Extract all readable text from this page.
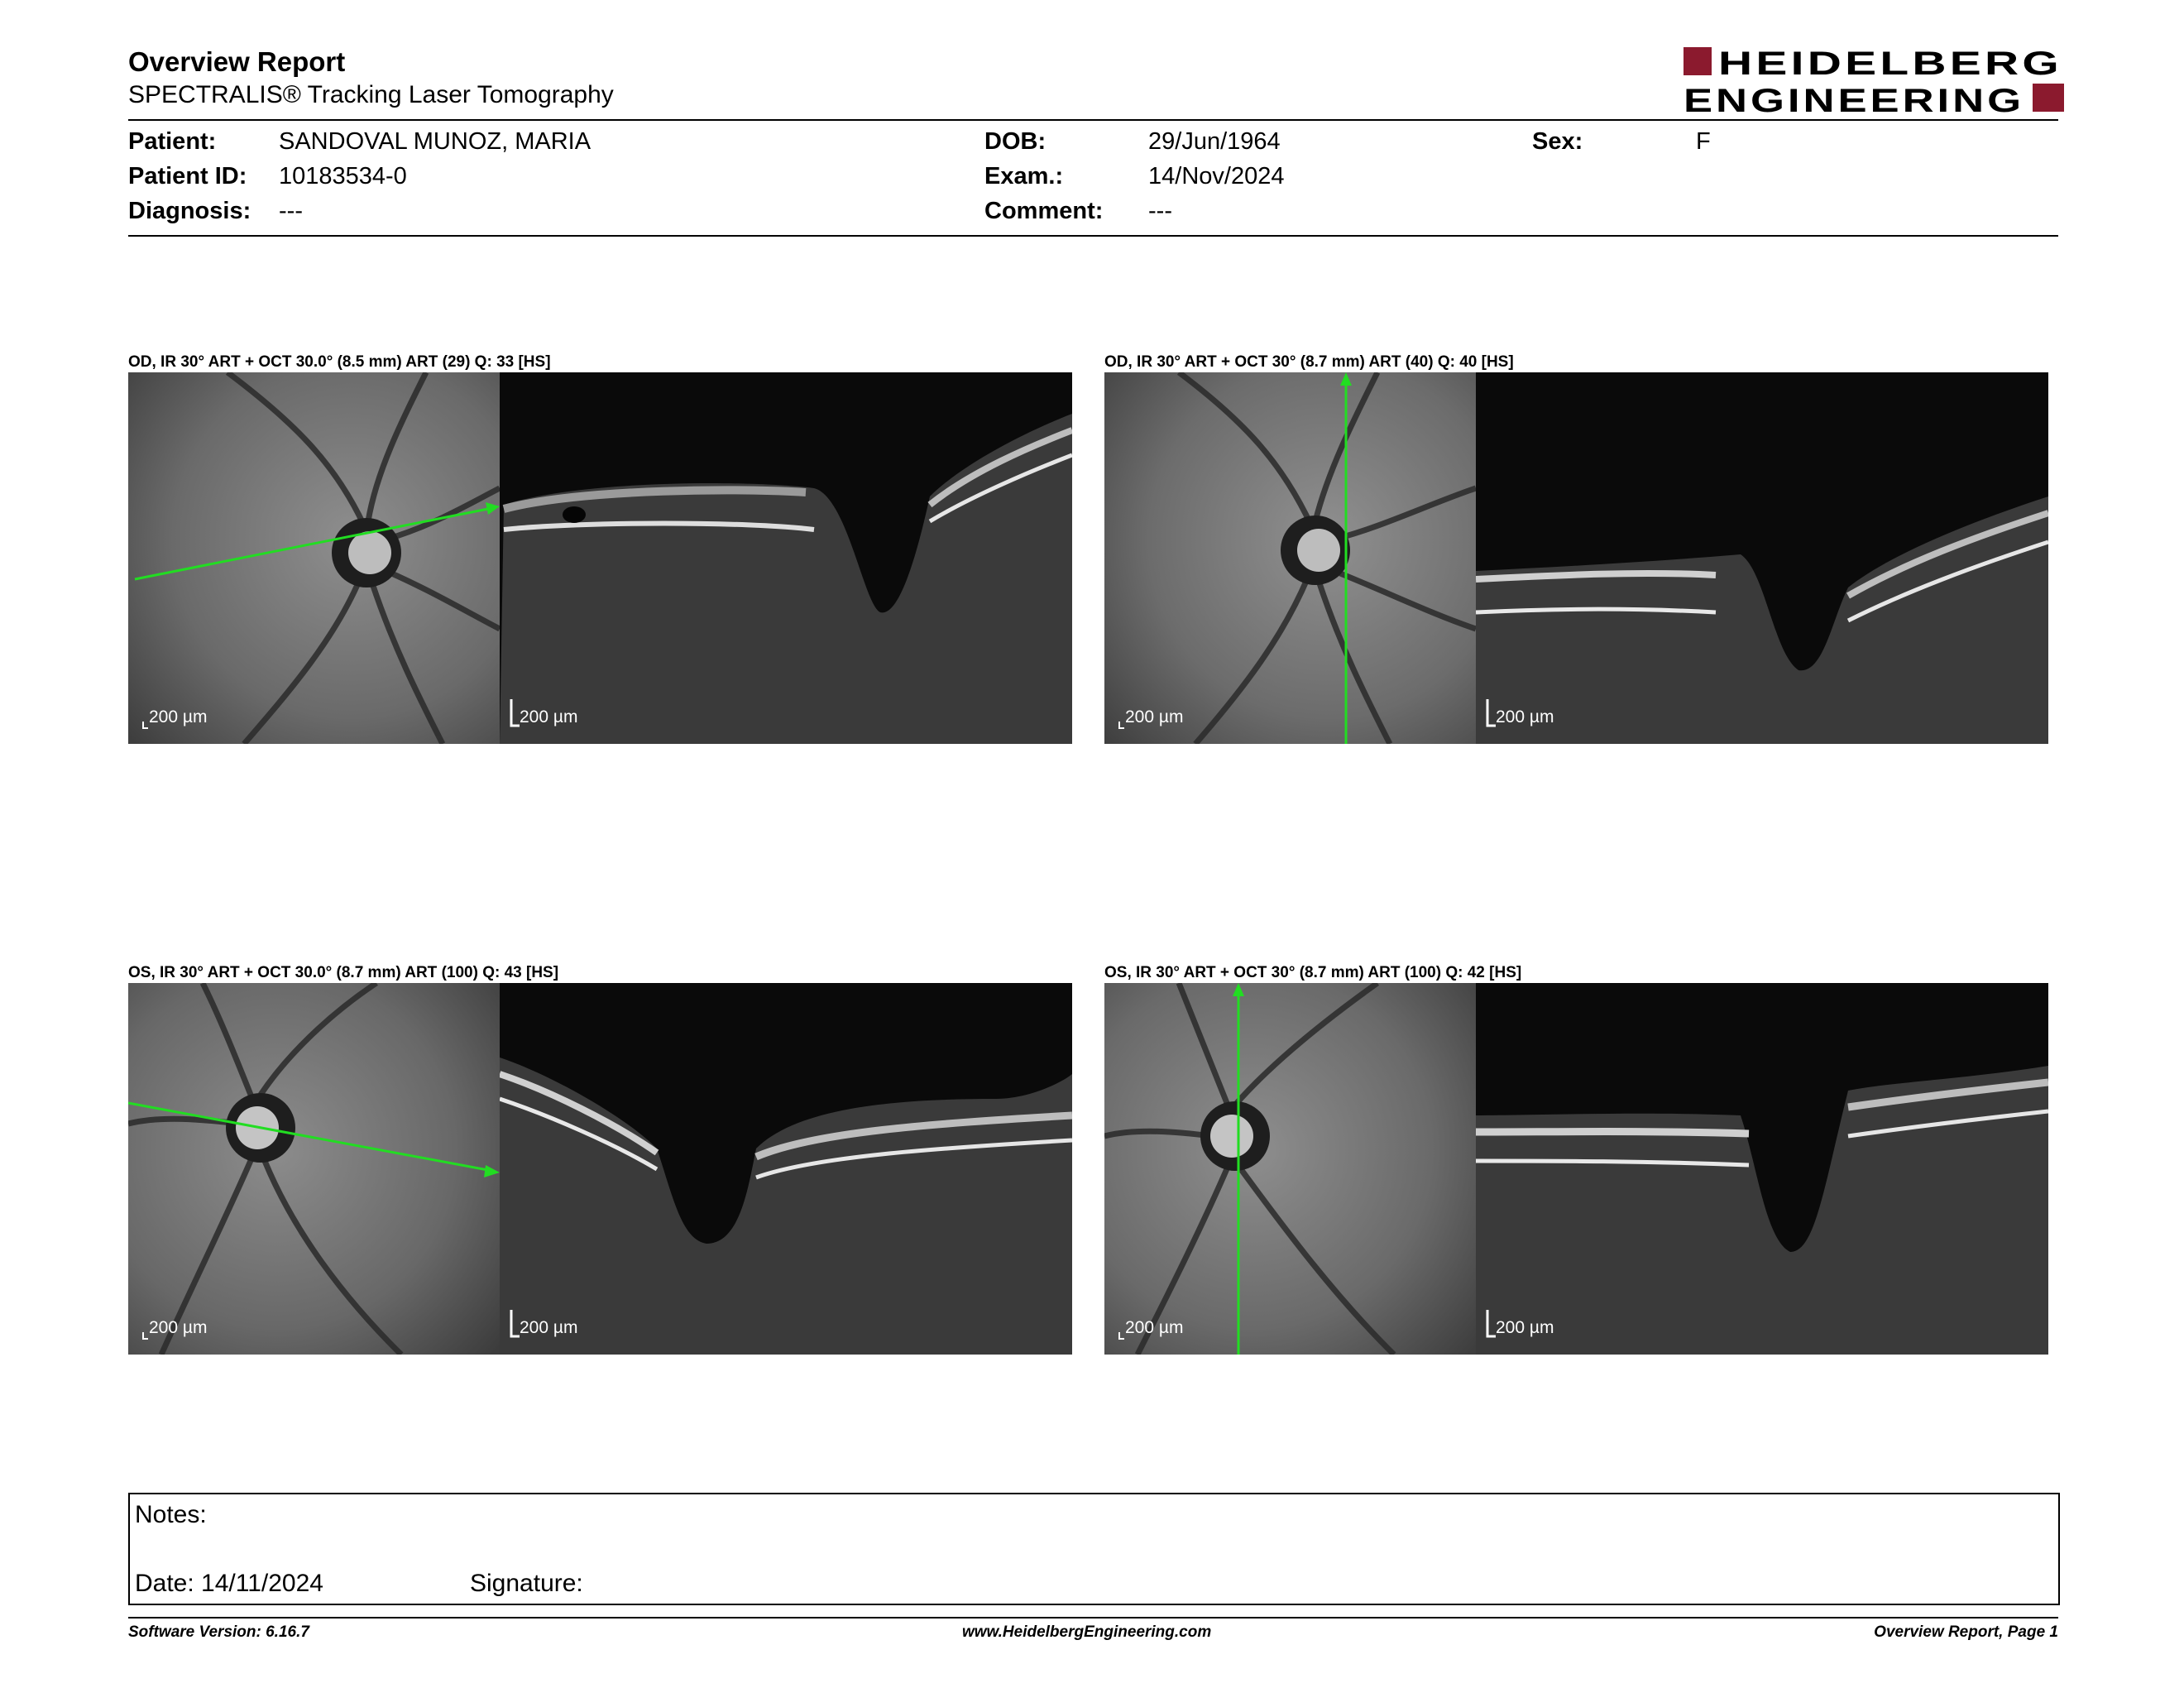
Overview Report
SPECTRALIS® Tracking Laser Tomography
HEIDELBERG
ENGINEERING
Patient:	SANDOVAL MUNOZ, MARIA
Patient ID: 10183534-0
Diagnosis: ---
DOB:	29/Jun/1964
Exam.:	14/Nov/2024
Comment: ---
Sex:	F
OD, IR 30° ART + OCT 30.0° (8.5 mm) ART (29) Q: 33 [HS]
200 µm	200 µm
OD, IR 30° ART + OCT 30° (8.7 mm) ART (40) Q: 40 [HS]
200 µm	200 µm
OS, IR 30° ART + OCT 30.0° (8.7 mm) ART (100) Q: 43 [HS]
200 µm	200 µm
OS, IR 30° ART + OCT 30° (8.7 mm) ART (100) Q: 42 [HS]
200 µm	200 µm
Notes:
Date: 14/11/2024	Signature:
Software Version: 6.16.7	www.HeidelbergEngineering.com	Overview Report, Page 1
